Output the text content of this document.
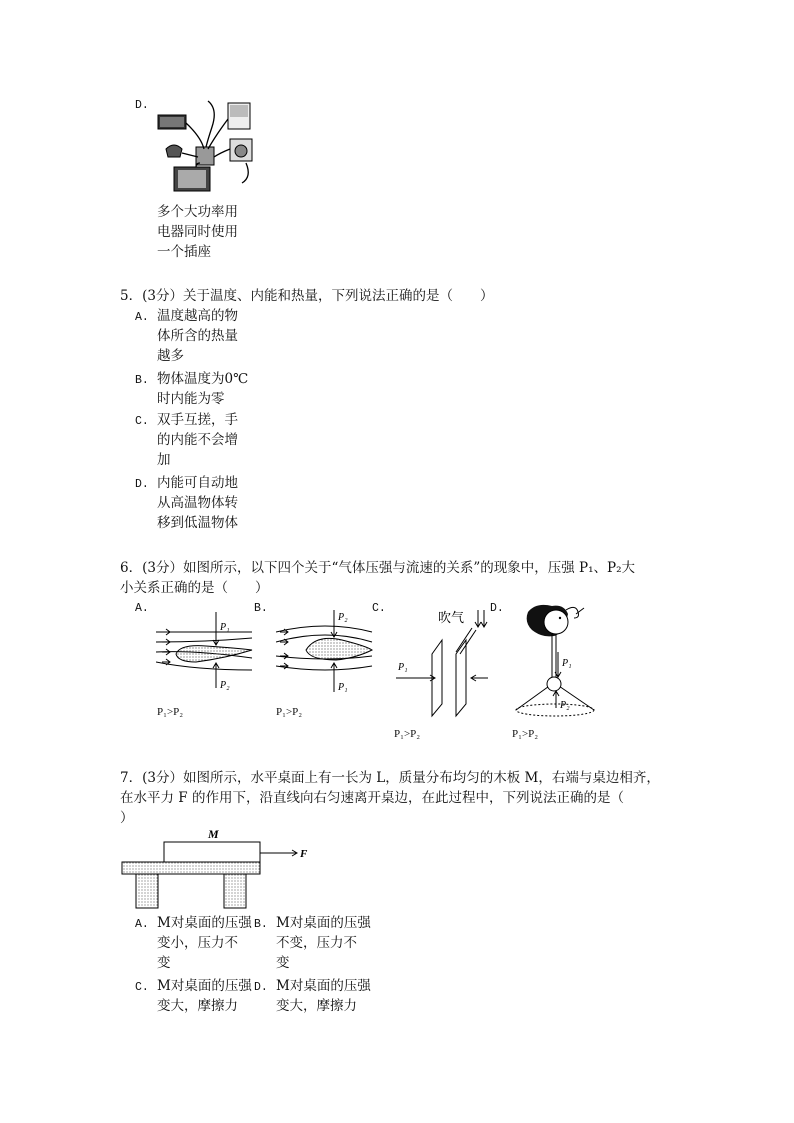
D.
多个大功率用
电器同时使用
一个插座
5．(3分）关于温度、内能和热量，下列说法正确的是（　　）
A. 温度越高的物
体所含的热量
越多
B. 物体温度为0℃
时内能为零
C. 双手互搓，手
的内能不会增
加
D. 内能可自动地
从高温物体转
移到低温物体
6．(3分）如图所示，以下四个关于“气体压强与流速的关系”的现象中，压强 P₁、P₂大
小关系正确的是（　　）
A.
P₁
P₂
P₁>P₂
B.
P₂
P₁
P₁>P₂
C.
吹气
P₁
P₁>P₂
D.
P₁
P₂
P₁>P₂
7．(3分）如图所示，水平桌面上有一长为 L，质量分布均匀的木板 M，右端与桌边相齐，
在水平力 F 的作用下，沿直线向右匀速离开桌边，在此过程中，下列说法正确的是（
）
M
F
A. M对桌面的压强
变小，压力不
变
B. M对桌面的压强
不变，压力不
变
C. M对桌面的压强
变大，摩擦力
D. M对桌面的压强
变大，摩擦力
